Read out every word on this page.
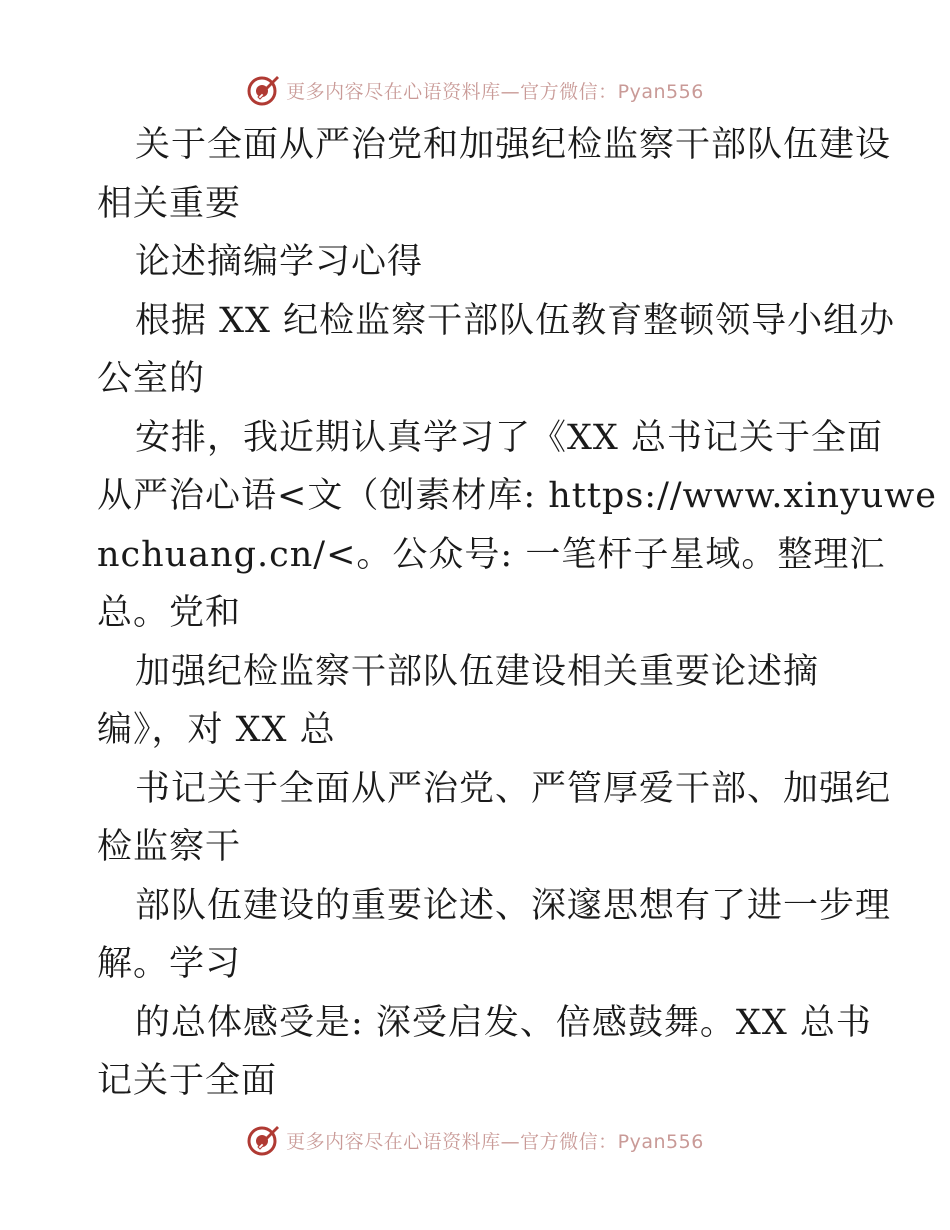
更多内容尽在心语资料库—官方微信：Pyan556
关于全面从严治党和加强纪检监察干部队伍建设
相关重要
论述摘编学习心得
根据 XX 纪检监察干部队伍教育整顿领导小组办
公室的
安排，我近期认真学习了《XX 总书记关于全面
从严治心语<文（创素材库: https://www.xinyuwe
nchuang.cn/<。公众号: 一笔杆子星域。整理汇
总。党和
加强纪检监察干部队伍建设相关重要论述摘
编》，对 XX 总
书记关于全面从严治党、严管厚爱干部、加强纪
检监察干
部队伍建设的重要论述、深邃思想有了进一步理
解。学习
的总体感受是: 深受启发、倍感鼓舞。XX 总书
记关于全面
更多内容尽在心语资料库—官方微信：Pyan556
